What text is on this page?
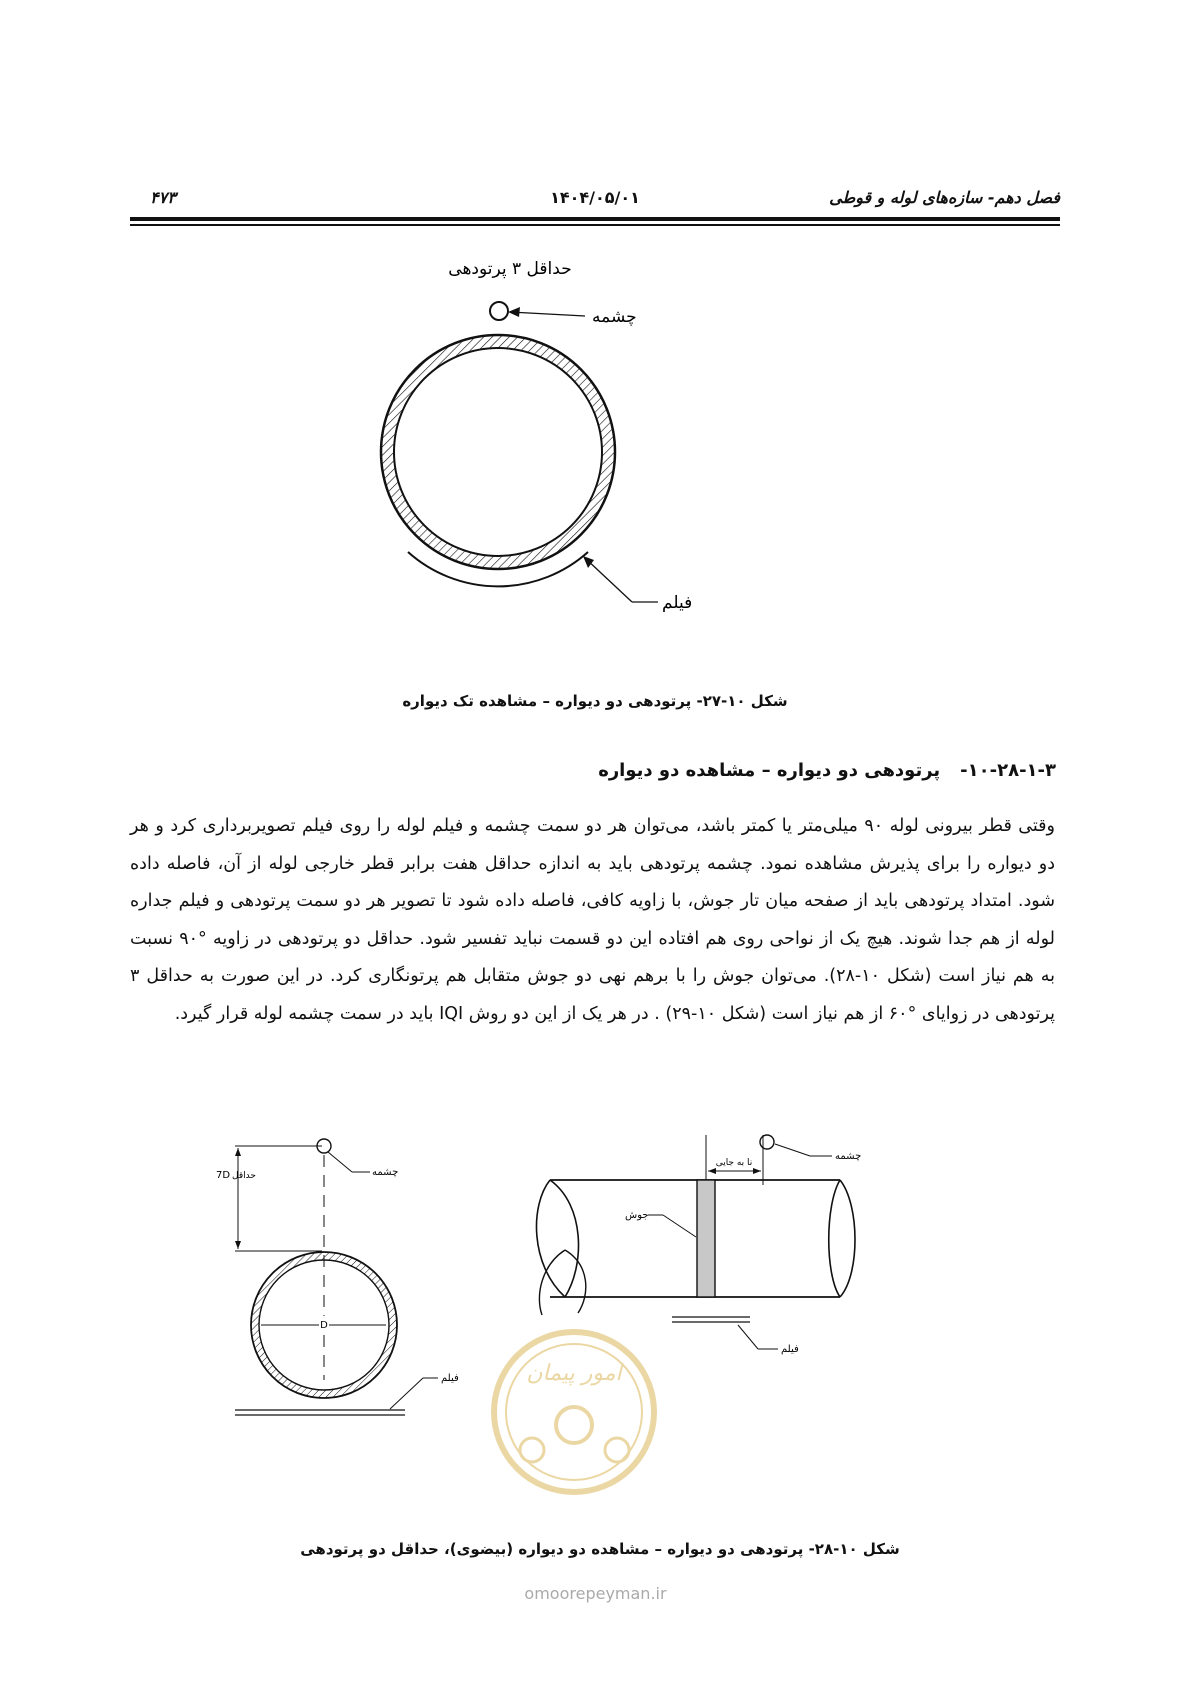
فصل دهم- سازه‌های لوله و قوطی
۱۴۰۴/۰۵/۰۱
۴۷۳
حداقل ۳ پرتودهی
چشمه
فیلم
شکل ۱۰-۲۷- پرتودهی دو دیواره – مشاهده تک دیواره
۱۰-۲۸-۱-۳-پرتودهی دو دیواره – مشاهده دو دیواره
وقتی قطر بیرونی لوله ۹۰ میلی‌متر یا کمتر باشد، می‌توان هر دو سمت چشمه و فیلم لوله را روی فیلم تصویربرداری کرد و هر دو دیواره را برای پذیرش مشاهده نمود. چشمه پرتودهی باید به اندازه حداقل هفت برابر قطر خارجی لوله از آن، فاصله داده شود. امتداد پرتودهی باید از صفحه میان تار جوش، با زاویه کافی، فاصله داده شود تا تصویر هر دو سمت پرتودهی و فیلم جداره لوله از هم جدا شوند. هیچ یک از نواحی روی هم افتاده این دو قسمت نباید تفسیر شود. حداقل دو پرتودهی در زاویه °۹۰ نسبت به هم نیاز است (شکل ۱۰-۲۸). می‌توان جوش را با برهم نهی دو جوش متقابل هم پرتونگاری کرد. در این صورت به حداقل ۳ پرتودهی در زوایای °۶۰ از هم نیاز است (شکل ۱۰-۲۹) . در هر یک از این دو روش IQI باید در سمت چشمه لوله قرار گیرد.
7D حداقل	چشمه
D
فیلم
نا به جایی
چشمه
جوش
فیلم
امور پیمان
شکل ۱۰-۲۸- پرتودهی دو دیواره – مشاهده دو دیواره (بیضوی)، حداقل دو پرتودهی
omoorepeyman.ir
